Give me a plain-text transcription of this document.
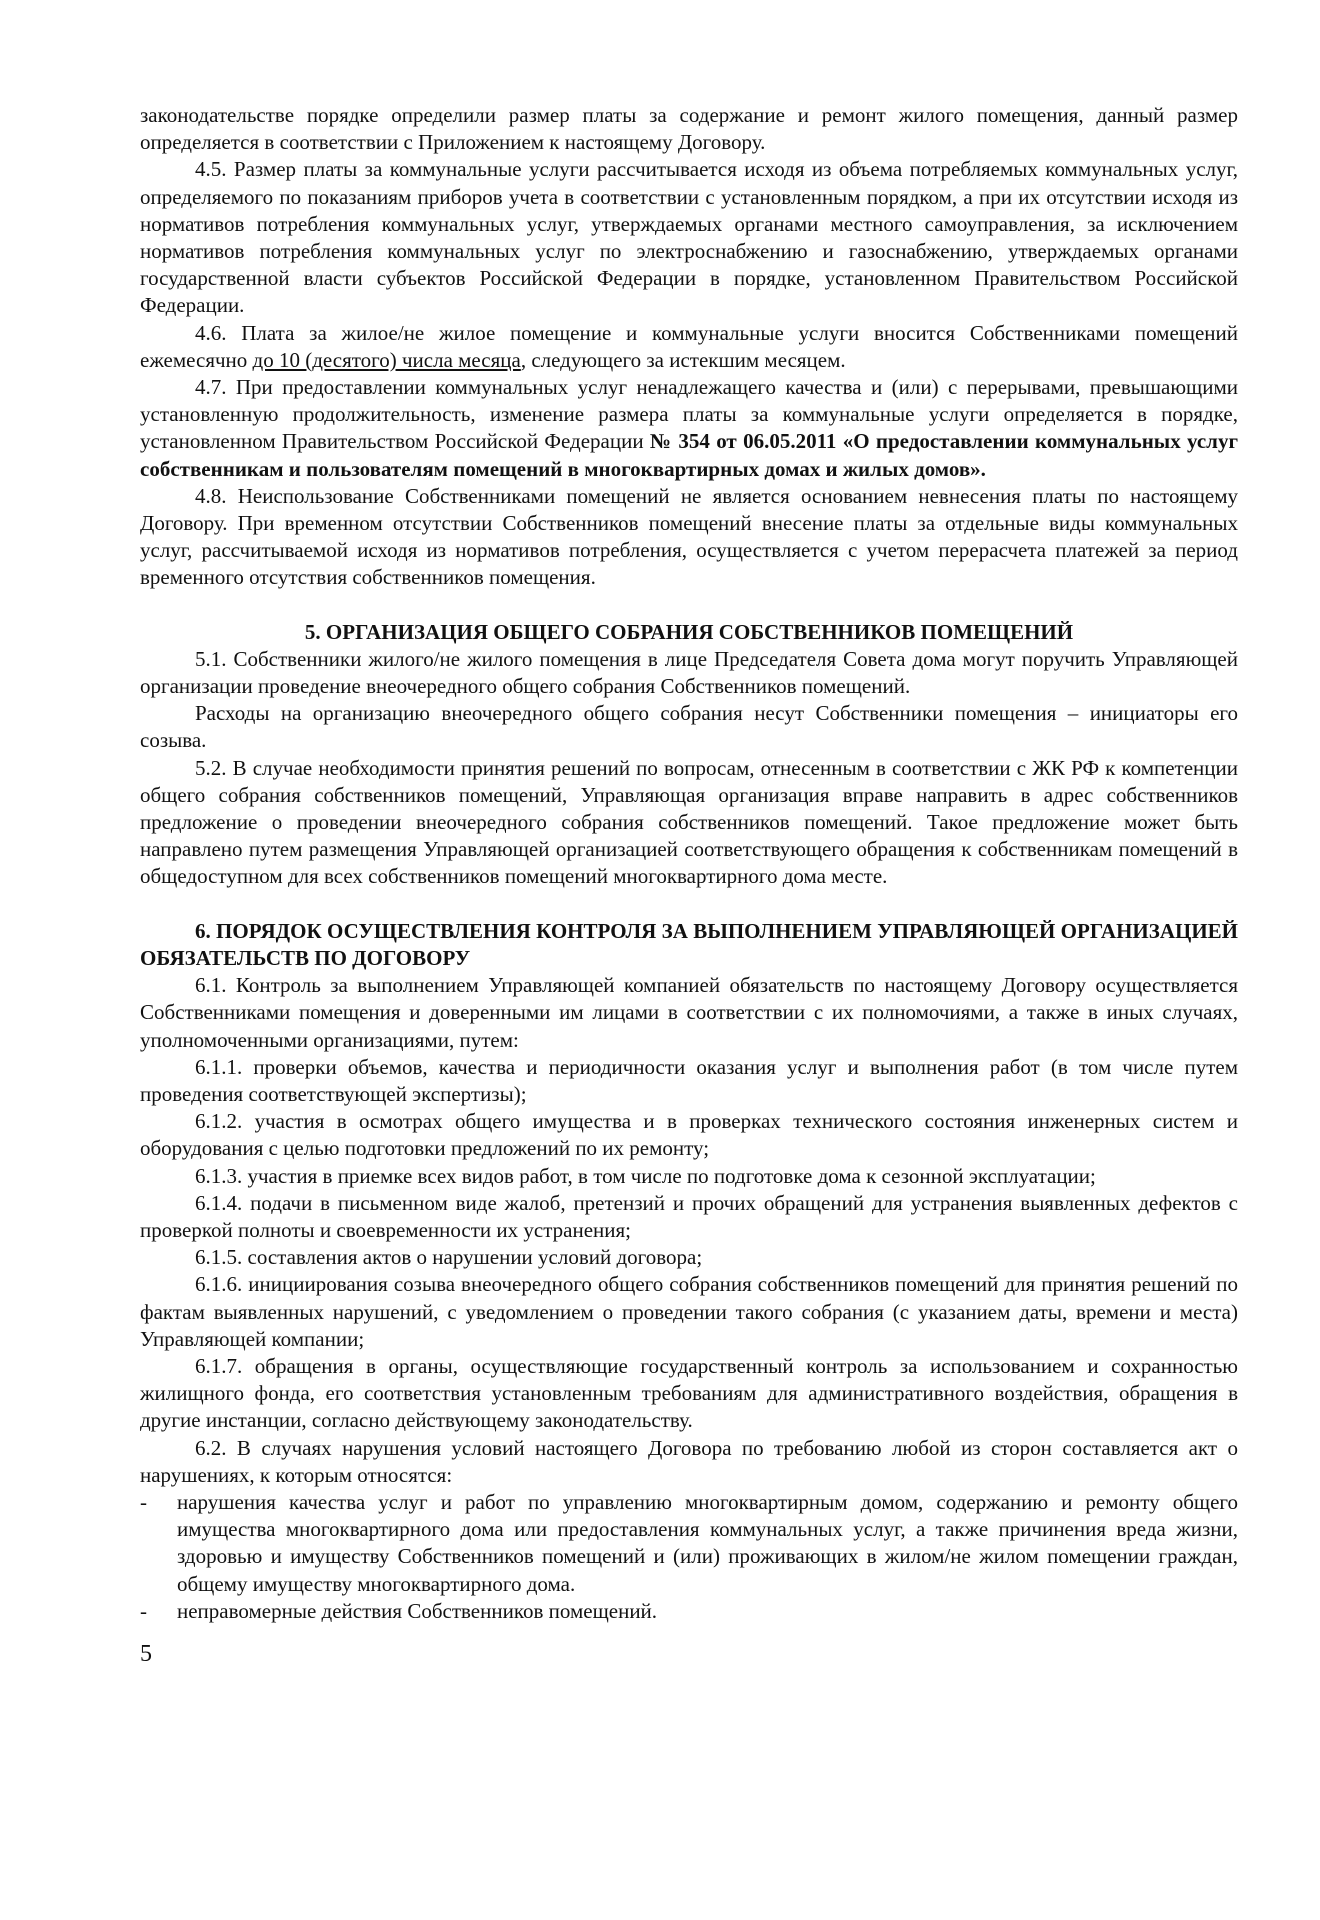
законодательстве порядке определили размер платы за содержание и ремонт жилого помещения, данный размер определяется в соответствии с Приложением к настоящему Договору.

4.5. Размер платы за коммунальные услуги рассчитывается исходя из объема потребляемых коммунальных услуг, определяемого по показаниям приборов учета в соответствии с установленным порядком, а при их отсутствии исходя из нормативов потребления коммунальных услуг, утверждаемых органами местного самоуправления, за исключением нормативов потребления коммунальных услуг по электроснабжению и газоснабжению, утверждаемых органами государственной власти субъектов Российской Федерации в порядке, установленном Правительством Российской Федерации.

4.6. Плата за жилое/не жилое помещение и коммунальные услуги вносится Собственниками помещений ежемесячно до 10 (десятого) числа месяца, следующего за истекшим месяцем.

4.7. При предоставлении коммунальных услуг ненадлежащего качества и (или) с перерывами, превышающими установленную продолжительность, изменение размера платы за коммунальные услуги определяется в порядке, установленном Правительством Российской Федерации № 354 от 06.05.2011 «О предоставлении коммунальных услуг собственникам и пользователям помещений в многоквартирных домах и жилых домов».

4.8. Неиспользование Собственниками помещений не является основанием невнесения платы по настоящему Договору. При временном отсутствии Собственников помещений внесение платы за отдельные виды коммунальных услуг, рассчитываемой исходя из нормативов потребления, осуществляется с учетом перерасчета платежей за период временного отсутствия собственников помещения.

5. ОРГАНИЗАЦИЯ ОБЩЕГО СОБРАНИЯ СОБСТВЕННИКОВ ПОМЕЩЕНИЙ

5.1. Собственники жилого/не жилого помещения в лице Председателя Совета дома могут поручить Управляющей организации проведение внеочередного общего собрания Собственников помещений.

Расходы на организацию внеочередного общего собрания несут Собственники помещения – инициаторы его созыва.

5.2. В случае необходимости принятия решений по вопросам, отнесенным в соответствии с ЖК РФ к компетенции общего собрания собственников помещений, Управляющая организация вправе направить в адрес собственников предложение о проведении внеочередного собрания собственников помещений. Такое предложение может быть направлено путем размещения Управляющей организацией соответствующего обращения к собственникам помещений в общедоступном для всех собственников помещений многоквартирного дома месте.

6. ПОРЯДОК ОСУЩЕСТВЛЕНИЯ КОНТРОЛЯ ЗА ВЫПОЛНЕНИЕМ УПРАВЛЯЮЩЕЙ ОРГАНИЗАЦИЕЙ ОБЯЗАТЕЛЬСТВ ПО ДОГОВОРУ

6.1. Контроль за выполнением Управляющей компанией обязательств по настоящему Договору осуществляется Собственниками помещения и доверенными им лицами в соответствии с их полномочиями, а также в иных случаях, уполномоченными организациями, путем:

6.1.1. проверки объемов, качества и периодичности оказания услуг и выполнения работ (в том числе путем проведения соответствующей экспертизы);

6.1.2. участия в осмотрах общего имущества и в проверках технического состояния инженерных систем и оборудования с целью подготовки предложений по их ремонту;

6.1.3. участия в приемке всех видов работ, в том числе по подготовке дома к сезонной эксплуатации;

6.1.4. подачи в письменном виде жалоб, претензий и прочих обращений для устранения выявленных дефектов с проверкой полноты и своевременности их устранения;

6.1.5. составления актов о нарушении условий договора;

6.1.6. инициирования созыва внеочередного общего собрания собственников помещений для принятия решений по фактам выявленных нарушений, с уведомлением о проведении такого собрания (с указанием даты, времени и места) Управляющей компании;

6.1.7. обращения в органы, осуществляющие государственный контроль за использованием и сохранностью жилищного фонда, его соответствия установленным требованиям для административного воздействия, обращения в другие инстанции, согласно действующему законодательству.

6.2. В случаях нарушения условий настоящего Договора по требованию любой из сторон составляется акт о нарушениях, к которым относятся:

- нарушения качества услуг и работ по управлению многоквартирным домом, содержанию и ремонту общего имущества многоквартирного дома или предоставления коммунальных услуг, а также причинения вреда жизни, здоровью и имуществу Собственников помещений и (или) проживающих в жилом/не жилом помещении граждан, общему имуществу многоквартирного дома.

- неправомерные действия Собственников помещений.

5
